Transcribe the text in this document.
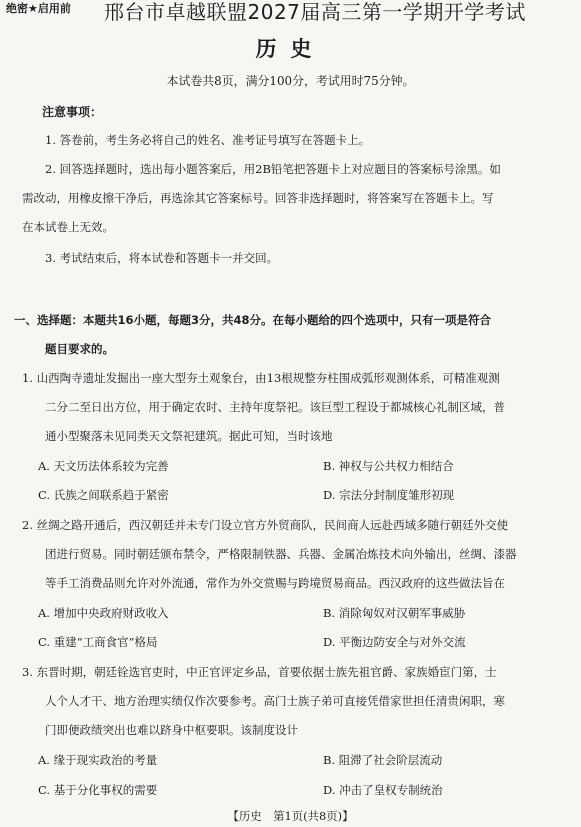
绝密★启用前 邢台市卓越联盟2027届高三第一学期开学考试
历史
本试卷共8页，满分100分，考试用时75分钟。
注意事项：
1. 答卷前，考生务必将自己的姓名、准考证号填写在答题卡上。
2. 回答选择题时，选出每小题答案后，用2B铅笔把答题卡上对应题目的答案标号涂黑。如
需改动，用橡皮擦干净后，再选涂其它答案标号。回答非选择题时，将答案写在答题卡上。写
在本试卷上无效。
3. 考试结束后，将本试卷和答题卡一并交回。
一、选择题：本题共16小题，每题3分，共48分。在每小题给的四个选项中，只有一项是符合
题目要求的。
1. 山西陶寺遗址发掘出一座大型夯土观象台，由13根规整夯柱围成弧形观测体系，可精准观测
二分二至日出方位，用于确定农时、主持年度祭祀。该巨型工程设于都城核心礼制区域，普
通小型聚落未见同类天文祭祀建筑。据此可知，当时该地
A. 天文历法体系较为完善	B. 神权与公共权力相结合
C. 氏族之间联系趋于紧密	D. 宗法分封制度雏形初现
2. 丝绸之路开通后，西汉朝廷并未专门设立官方外贸商队，民间商人远赴西域多随行朝廷外交使
团进行贸易。同时朝廷颁布禁令，严格限制铁器、兵器、金属冶炼技术向外输出，丝绸、漆器
等手工消费品则允许对外流通，常作为外交赏赐与跨境贸易商品。西汉政府的这些做法旨在
A. 增加中央政府财政收入	B. 消除匈奴对汉朝军事威胁
C. 重建“工商食官”格局	D. 平衡边防安全与对外交流
3. 东晋时期，朝廷铨选官吏时，中正官评定乡品，首要依据士族先祖官爵、家族婚宦门第，士
人个人才干、地方治理实绩仅作次要参考。高门士族子弟可直接凭借家世担任清贵闲职，寒
门即便政绩突出也难以跻身中枢要职。该制度设计
A. 缘于现实政治的考量	B. 阻滞了社会阶层流动
C. 基于分化事权的需要	D. 冲击了皇权专制统治
【历史　第1页(共8页)】
